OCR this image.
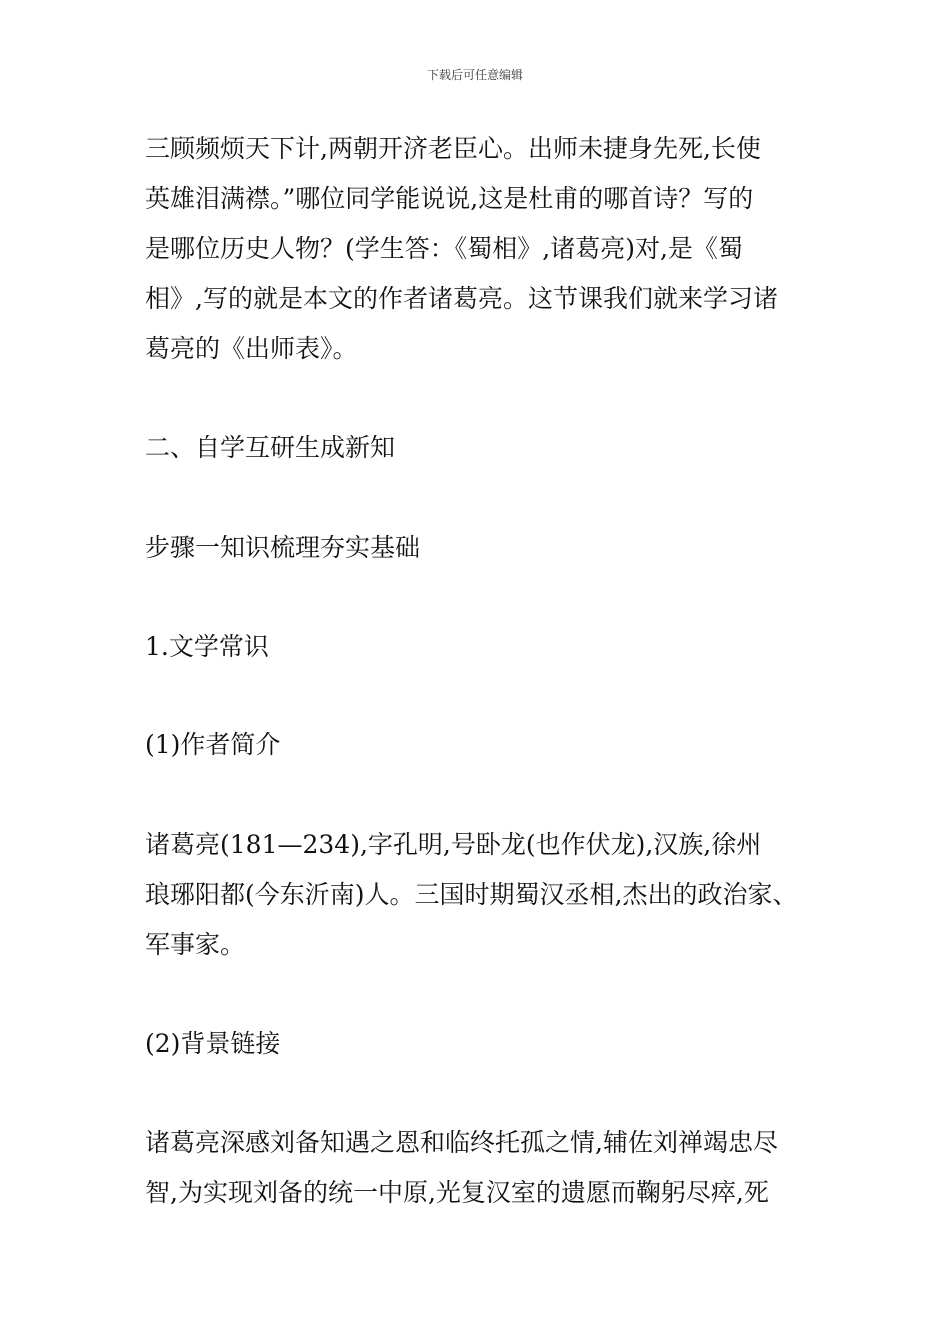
下载后可任意编辑
三顾频烦天下计,两朝开济老臣心。出师未捷身先死,长使
英雄泪满襟。”哪位同学能说说,这是杜甫的哪首诗？写的
是哪位历史人物？(学生答：《蜀相》,诸葛亮)对,是《蜀
相》,写的就是本文的作者诸葛亮。这节课我们就来学习诸
葛亮的《出师表》。
二、自学互研生成新知
步骤一知识梳理夯实基础
1.文学常识
(1)作者简介
诸葛亮(181—234),字孔明,号卧龙(也作伏龙),汉族,徐州
琅琊阳都(今东沂南)人。三国时期蜀汉丞相,杰出的政治家、
军事家。
(2)背景链接
诸葛亮深感刘备知遇之恩和临终托孤之情,辅佐刘禅竭忠尽
智,为实现刘备的统一中原,光复汉室的遗愿而鞠躬尽瘁,死
